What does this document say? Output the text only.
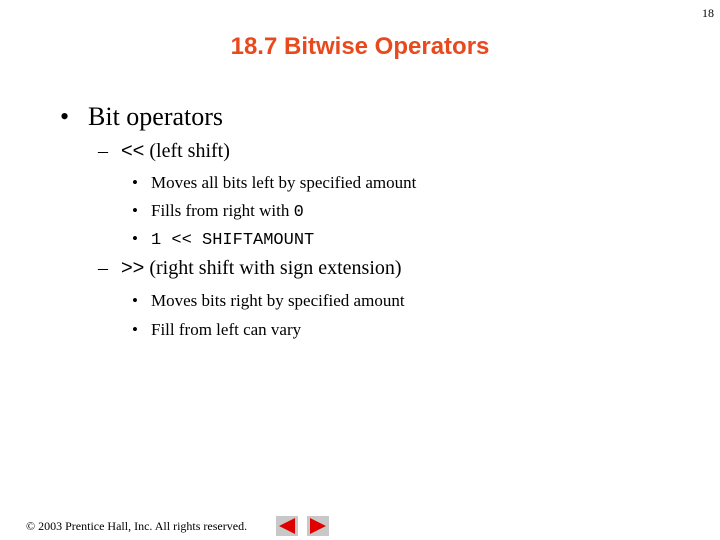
18
18.7 Bitwise Operators
• Bit operators
– << (left shift)
• Moves all bits left by specified amount
• Fills from right with 0
• 1 << SHIFTAMOUNT
– >> (right shift with sign extension)
• Moves bits right by specified amount
• Fill from left can vary
© 2003 Prentice Hall, Inc. All rights reserved.
